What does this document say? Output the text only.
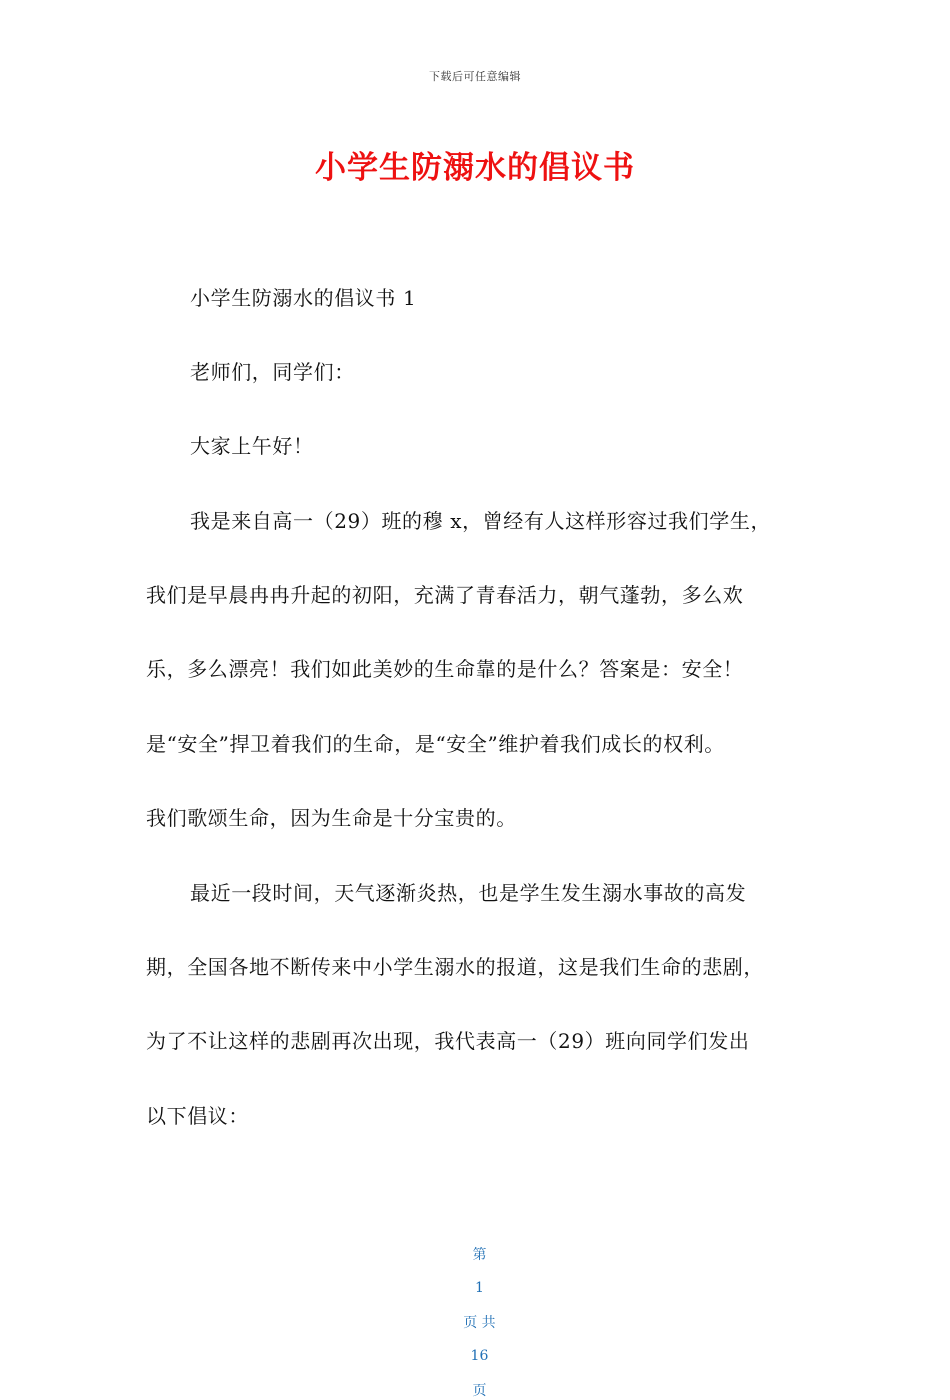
下载后可任意编辑
小学生防溺水的倡议书
小学生防溺水的倡议书 1
老师们，同学们：
大家上午好！
我是来自高一（29）班的穆 x，曾经有人这样形容过我们学生，
我们是早晨冉冉升起的初阳，充满了青春活力，朝气蓬勃，多么欢
乐，多么漂亮！我们如此美妙的生命靠的是什么？答案是：安全！
是“安全”捍卫着我们的生命，是“安全”维护着我们成长的权利。
我们歌颂生命，因为生命是十分宝贵的。
最近一段时间，天气逐渐炎热，也是学生发生溺水事故的高发
期，全国各地不断传来中小学生溺水的报道，这是我们生命的悲剧，
为了不让这样的悲剧再次出现，我代表高一（29）班向同学们发出
以下倡议：

第

1

页 共

16

页
